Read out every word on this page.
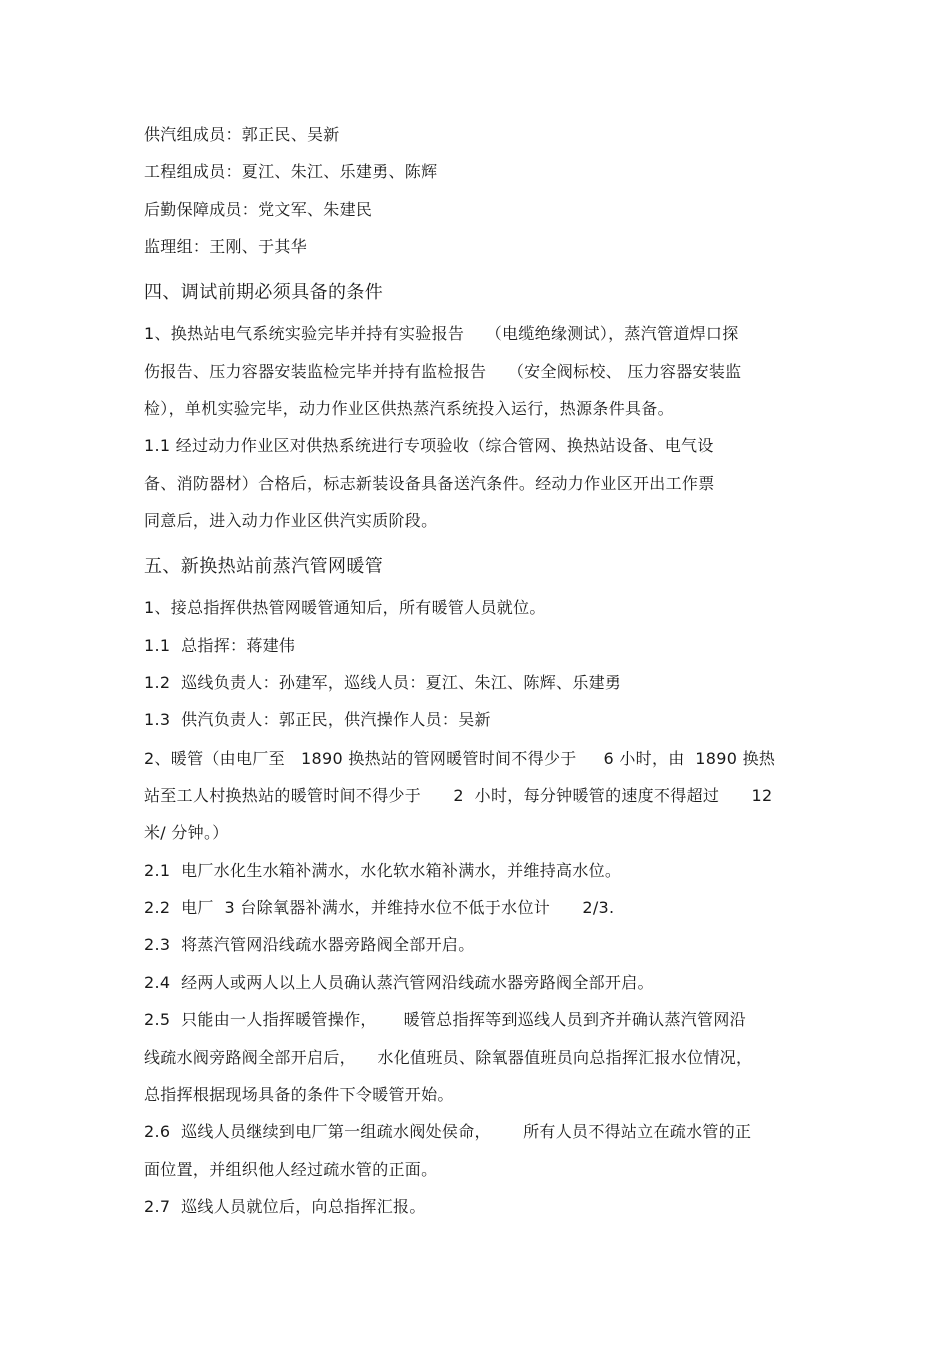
供汽组成员：郭正民、吴新
工程组成员：夏江、朱江、乐建勇、陈辉
后勤保障成员：党文军、朱建民
监理组：王刚、于其华
四、调试前期必须具备的条件
1、换热站电气系统实验完毕并持有实验报告    （电缆绝缘测试），蒸汽管道焊口探
伤报告、压力容器安装监检完毕并持有监检报告    （安全阀标校、 压力容器安装监
检），单机实验完毕，动力作业区供热蒸汽系统投入运行，热源条件具备。
1.1 经过动力作业区对供热系统进行专项验收（综合管网、换热站设备、电气设
备、消防器材）合格后，标志新装设备具备送汽条件。经动力作业区开出工作票
同意后，进入动力作业区供汽实质阶段。
五、新换热站前蒸汽管网暖管
1、接总指挥供热管网暖管通知后，所有暖管人员就位。
1.1  总指挥：蒋建伟
1.2  巡线负责人：孙建军，巡线人员：夏江、朱江、陈辉、乐建勇
1.3  供汽负责人：郭正民，供汽操作人员：吴新
2、暖管（由电厂至   1890 换热站的管网暖管时间不得少于     6 小时，由  1890 换热
站至工人村换热站的暖管时间不得少于      2  小时，每分钟暖管的速度不得超过      12
米/ 分钟。）
2.1  电厂水化生水箱补满水，水化软水箱补满水，并维持高水位。
2.2  电厂  3 台除氧器补满水，并维持水位不低于水位计      2/3.
2.3  将蒸汽管网沿线疏水器旁路阀全部开启。
2.4  经两人或两人以上人员确认蒸汽管网沿线疏水器旁路阀全部开启。
2.5  只能由一人指挥暖管操作，     暖管总指挥等到巡线人员到齐并确认蒸汽管网沿
线疏水阀旁路阀全部开启后，    水化值班员、除氧器值班员向总指挥汇报水位情况，
总指挥根据现场具备的条件下令暖管开始。
2.6  巡线人员继续到电厂第一组疏水阀处侯命，      所有人员不得站立在疏水管的正
面位置，并组织他人经过疏水管的正面。
2.7  巡线人员就位后，向总指挥汇报。
